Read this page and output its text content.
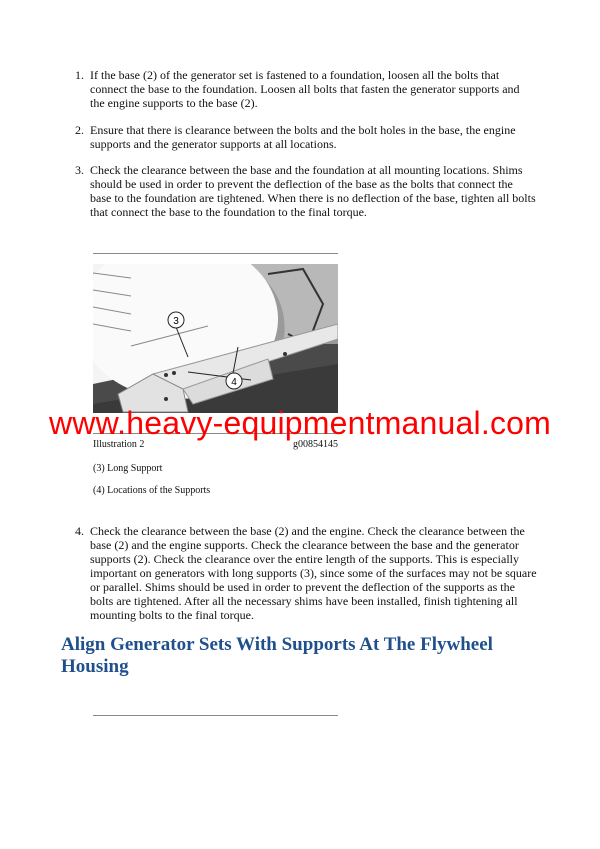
1. If the base (2) of the generator set is fastened to a foundation, loosen all the bolts that connect the base to the foundation. Loosen all bolts that fasten the generator supports and the engine supports to the base (2).
2. Ensure that there is clearance between the bolts and the bolt holes in the base, the engine supports and the generator supports at all locations.
3. Check the clearance between the base and the foundation at all mounting locations. Shims should be used in order to prevent the deflection of the base as the bolts that connect the base to the foundation are tightened. When there is no deflection of the base, tighten all bolts that connect the base to the foundation to the final torque.
3
4
www.heavy-equipmentmanual.com
Illustration 2	g00854145
(3) Long Support
(4) Locations of the Supports
4. Check the clearance between the base (2) and the engine. Check the clearance between the base (2) and the engine supports. Check the clearance between the base and the generator supports (2). Check the clearance over the entire length of the supports. This is especially important on generators with long supports (3), since some of the surfaces may not be square or parallel. Shims should be used in order to prevent the deflection of the supports as the bolts are tightened. After all the necessary shims have been installed, finish tightening all mounting bolts to the final torque.
Align Generator Sets With Supports At The Flywheel Housing
